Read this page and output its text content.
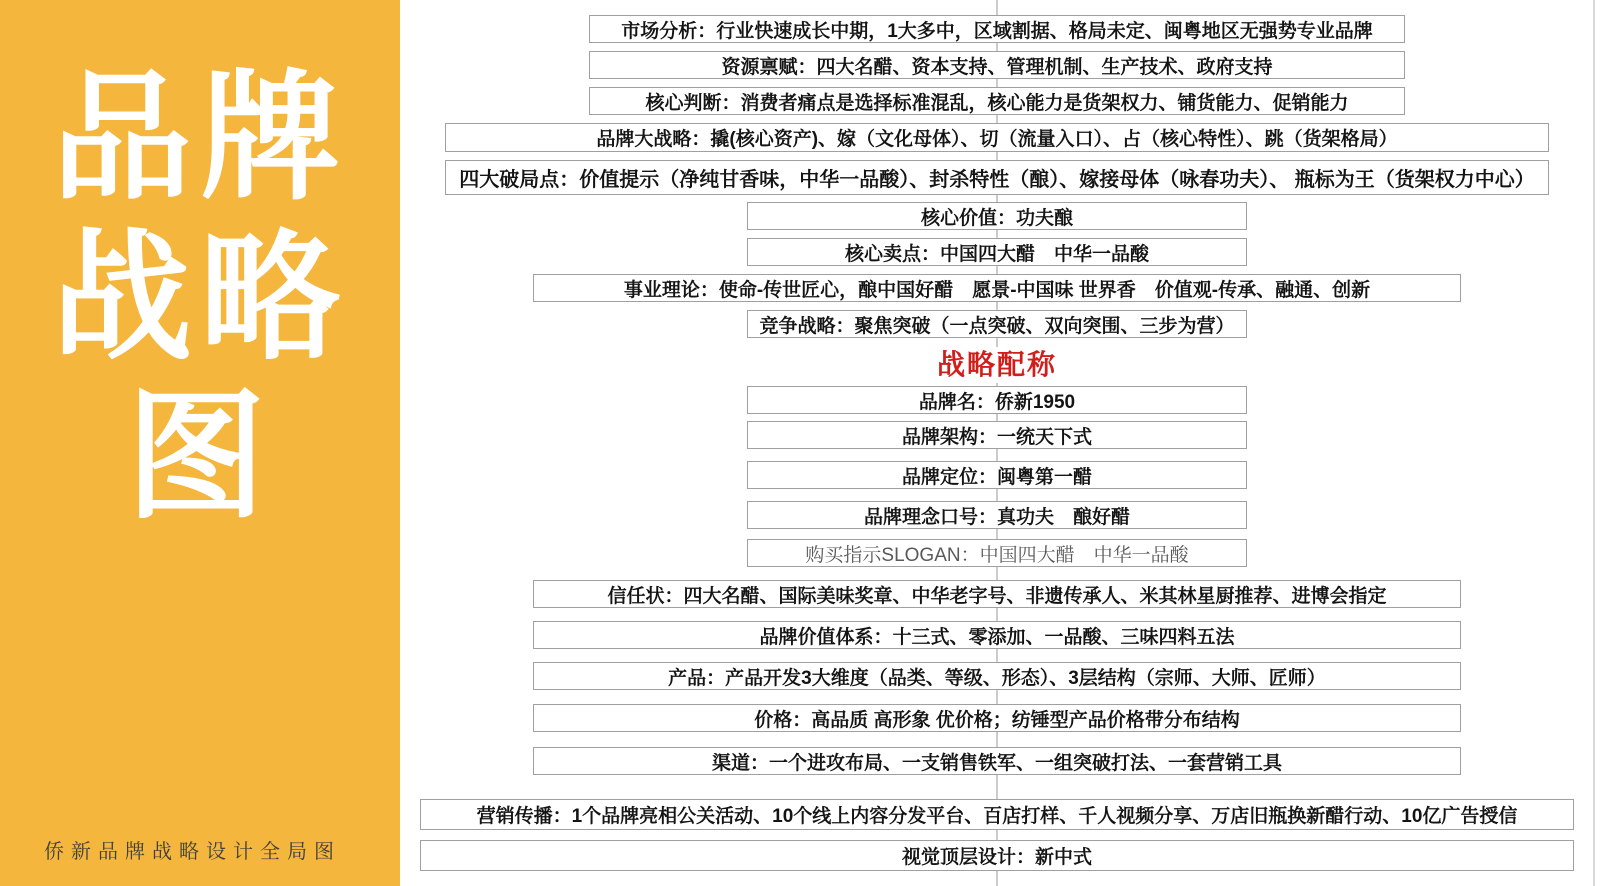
品牌
战略
图
侨新品牌战略设计全局图
市场分析：行业快速成长中期，1大多中，区域割据、格局未定、闽粤地区无强势专业品牌
资源禀赋：四大名醋、资本支持、管理机制、生产技术、政府支持
核心判断：消费者痛点是选择标准混乱，核心能力是货架权力、铺货能力、促销能力
品牌大战略：撬(核心资产)、嫁（文化母体）、切（流量入口）、占（核心特性）、跳（货架格局）
四大破局点：价值提示（净纯甘香味，中华一品酸）、封杀特性（酿）、嫁接母体（咏春功夫）、 瓶标为王（货架权力中心）
核心价值：功夫酿
核心卖点：中国四大醋　中华一品酸
事业理论：使命-传世匠心，酿中国好醋　愿景-中国味 世界香　价值观-传承、融通、创新
竞争战略：聚焦突破（一点突破、双向突围、三步为营）
战略配称
品牌名：侨新1950
品牌架构：一统天下式
品牌定位：闽粤第一醋
品牌理念口号：真功夫　酿好醋
购买指示SLOGAN：中国四大醋　中华一品酸
信任状：四大名醋、国际美味奖章、中华老字号、非遗传承人、米其林星厨推荐、进博会指定
品牌价值体系：十三式、零添加、一品酸、三味四料五法
产品：产品开发3大维度（品类、等级、形态）、3层结构（宗师、大师、匠师）
价格：高品质 高形象 优价格；纺锤型产品价格带分布结构
渠道：一个进攻布局、一支销售铁军、一组突破打法、一套营销工具
营销传播：1个品牌亮相公关活动、10个线上内容分发平台、百店打样、千人视频分享、万店旧瓶换新醋行动、10亿广告授信
视觉顶层设计：新中式
